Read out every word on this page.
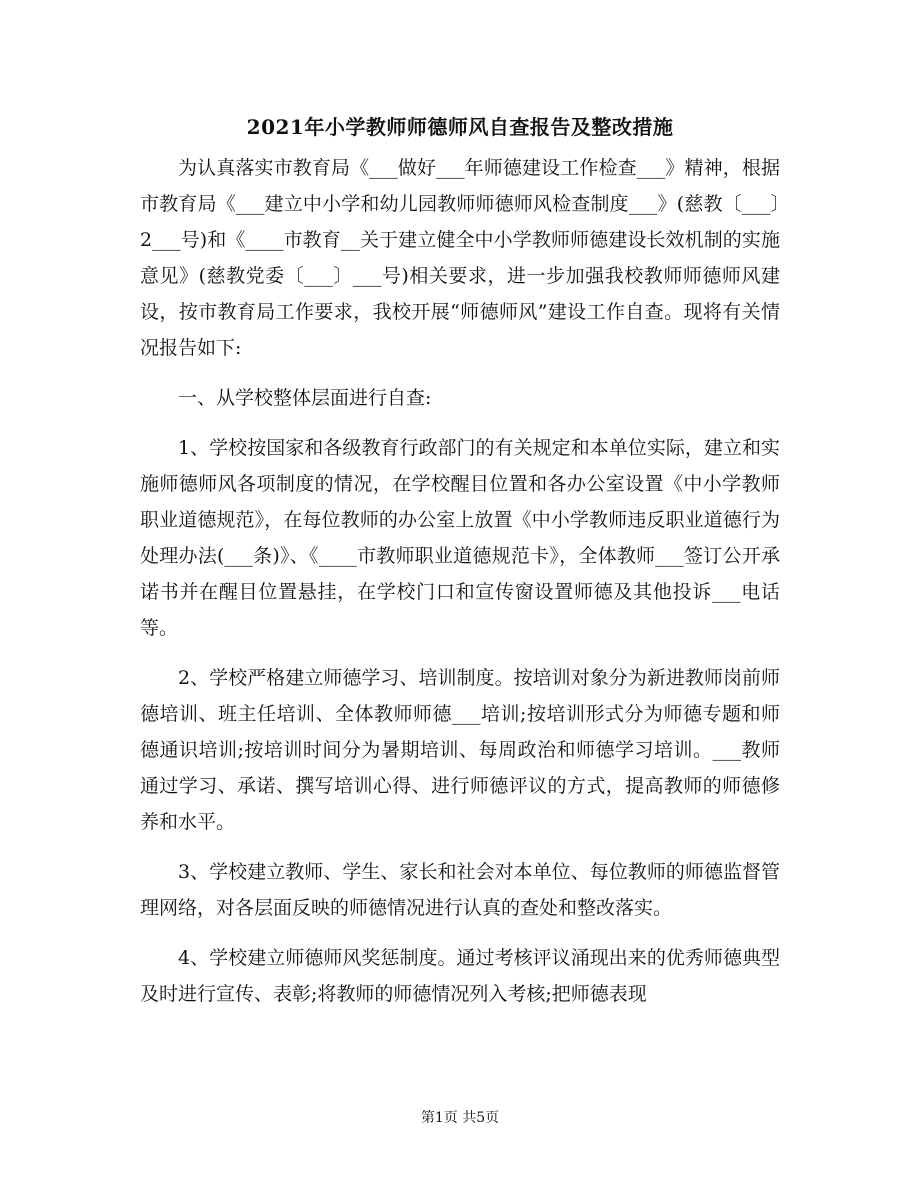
2021年小学教师师德师风自查报告及整改措施

为认真落实市教育局《___做好___年师德建设工作检查___》精神，根据市教育局《___建立中小学和幼儿园教师师德师风检查制度___》(慈教〔___〕2___号)和《____市教育__关于建立健全中小学教师师德建设长效机制的实施意见》(慈教党委〔___〕___号)相关要求，进一步加强我校教师师德师风建设，按市教育局工作要求，我校开展“师德师风”建设工作自查。现将有关情况报告如下:

一、从学校整体层面进行自查:

1、学校按国家和各级教育行政部门的有关规定和本单位实际，建立和实施师德师风各项制度的情况，在学校醒目位置和各办公室设置《中小学教师职业道德规范》，在每位教师的办公室上放置《中小学教师违反职业道德行为处理办法(___条)》、《____市教师职业道德规范卡》，全体教师___签订公开承诺书并在醒目位置悬挂，在学校门口和宣传窗设置师德及其他投诉___电话等。

2、学校严格建立师德学习、培训制度。按培训对象分为新进教师岗前师德培训、班主任培训、全体教师师德___培训;按培训形式分为师德专题和师德通识培训;按培训时间分为暑期培训、每周政治和师德学习培训。___教师通过学习、承诺、撰写培训心得、进行师德评议的方式，提高教师的师德修养和水平。

3、学校建立教师、学生、家长和社会对本单位、每位教师的师德监督管理网络，对各层面反映的师德情况进行认真的查处和整改落实。

4、学校建立师德师风奖惩制度。通过考核评议涌现出来的优秀师德典型及时进行宣传、表彰;将教师的师德情况列入考核;把师德表现

第1页 共5页
